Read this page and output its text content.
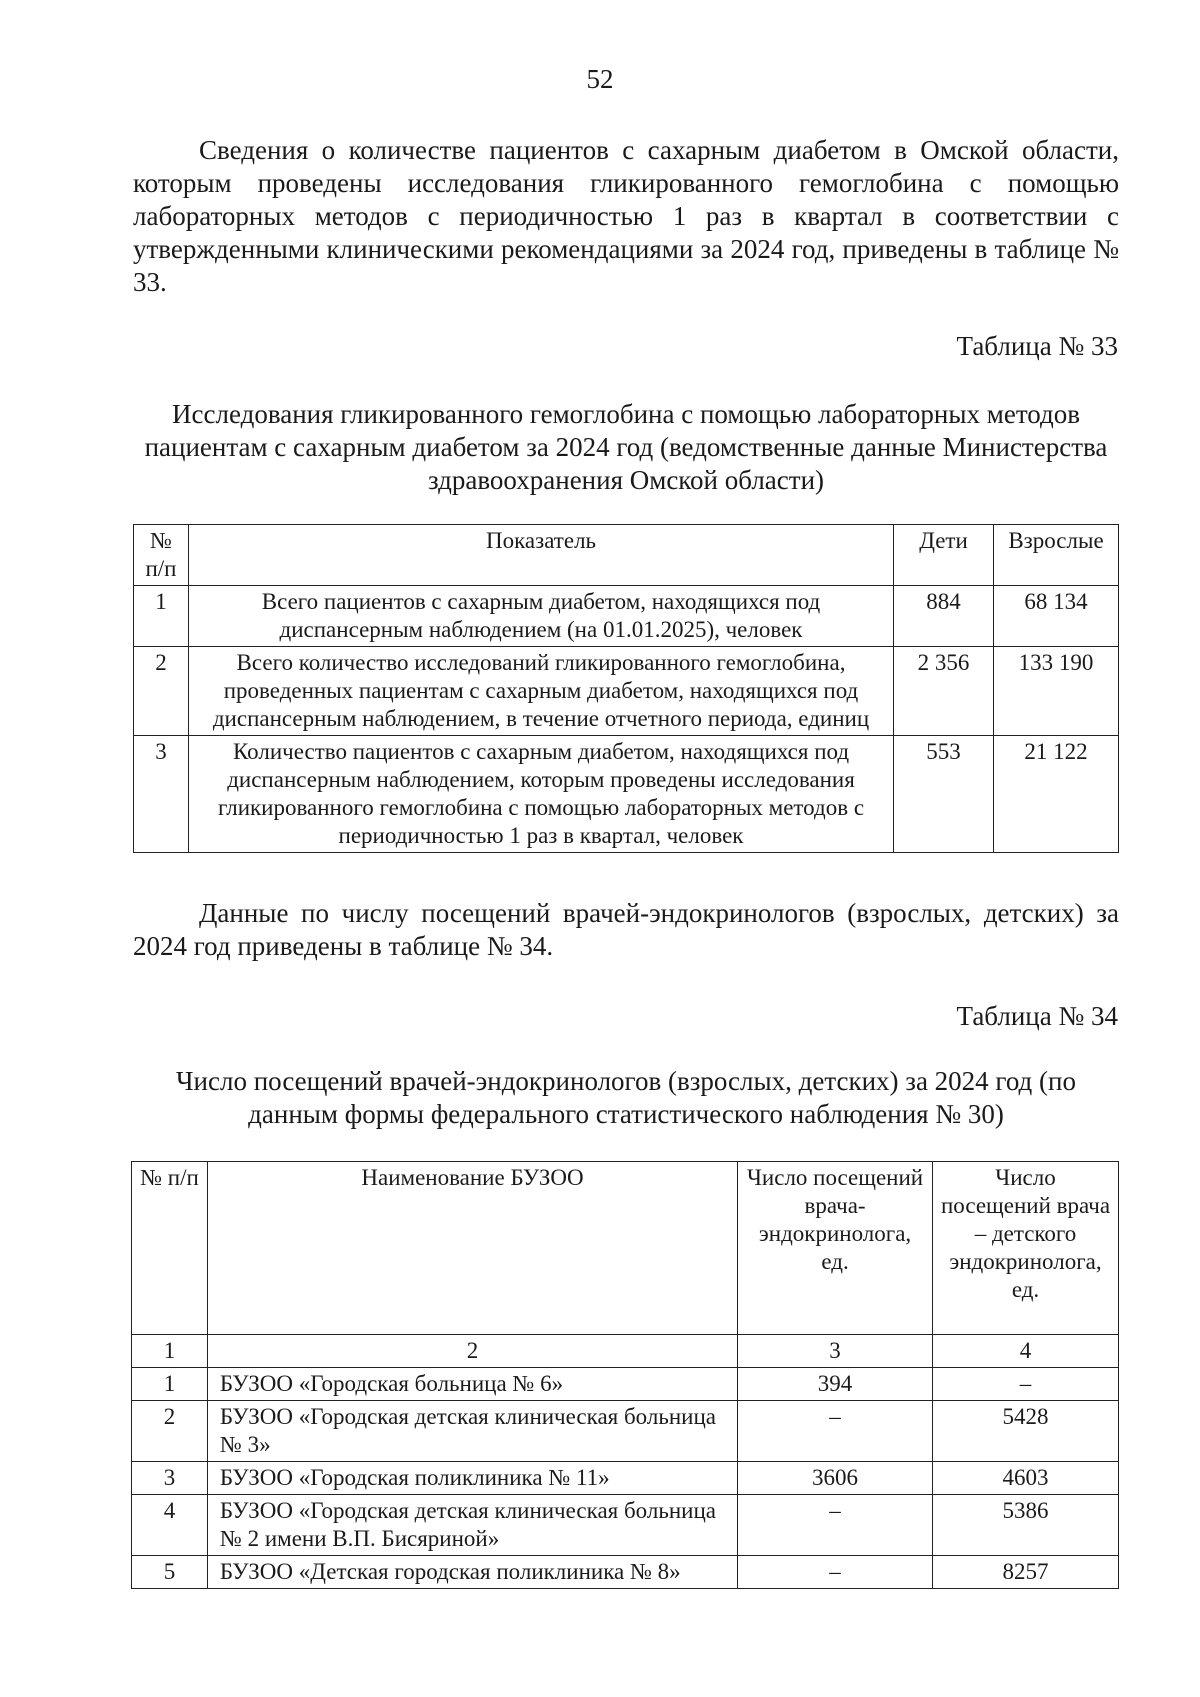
52

Сведения о количестве пациентов с сахарным диабетом в Омской области, которым проведены исследования гликированного гемоглобина с помощью лабораторных методов с периодичностью 1 раз в квартал в соответствии с утвержденными клиническими рекомендациями за 2024 год, приведены в таблице № 33.

Таблица № 33

Исследования гликированного гемоглобина с помощью лабораторных методов пациентам с сахарным диабетом за 2024 год (ведомственные данные Министерства здравоохранения Омской области)

№ п/п	Показатель	Дети	Взрослые
1	Всего пациентов с сахарным диабетом, находящихся под диспансерным наблюдением (на 01.01.2025), человек	884	68 134
2	Всего количество исследований гликированного гемоглобина, проведенных пациентам с сахарным диабетом, находящихся под диспансерным наблюдением, в течение отчетного периода, единиц	2 356	133 190
3	Количество пациентов с сахарным диабетом, находящихся под диспансерным наблюдением, которым проведены исследования гликированного гемоглобина с помощью лабораторных методов с периодичностью 1 раз в квартал, человек	553	21 122

Данные по числу посещений врачей-эндокринологов (взрослых, детских) за 2024 год приведены в таблице № 34.

Таблица № 34

Число посещений врачей-эндокринологов (взрослых, детских) за 2024 год (по данным формы федерального статистического наблюдения № 30)

№ п/п	Наименование БУЗОО	Число посещений врача-эндокринолога, ед.	Число посещений врача – детского эндокринолога, ед.
1	2	3	4
1	БУЗОО «Городская больница № 6»	394	–
2	БУЗОО «Городская детская клиническая больница № 3»	–	5428
3	БУЗОО «Городская поликлиника № 11»	3606	4603
4	БУЗОО «Городская детская клиническая больница № 2 имени В.П. Бисяриной»	–	5386
5	БУЗОО «Детская городская поликлиника № 8»	–	8257
